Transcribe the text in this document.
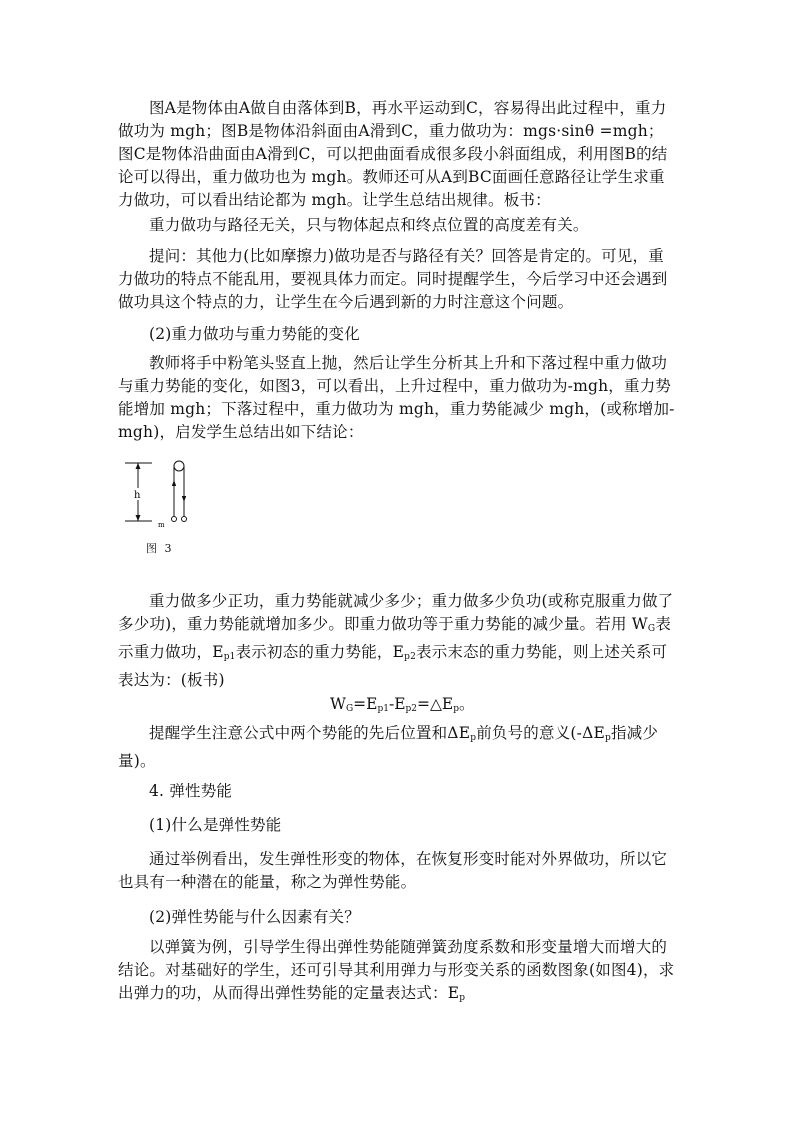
图A是物体由A做自由落体到B，再水平运动到C，容易得出此过程中，重力做功为 mgh；图B是物体沿斜面由A滑到C，重力做功为：mgs·sinθ =mgh；图C是物体沿曲面由A滑到C，可以把曲面看成很多段小斜面组成，利用图B的结论可以得出，重力做功也为 mgh。教师还可从A到BC面画任意路径让学生求重力做功，可以看出结论都为 mgh。让学生总结出规律。板书：

重力做功与路径无关，只与物体起点和终点位置的高度差有关。

提问：其他力(比如摩擦力)做功是否与路径有关？回答是肯定的。可见，重力做功的特点不能乱用，要视具体力而定。同时提醒学生，今后学习中还会遇到做功具这个特点的力，让学生在今后遇到新的力时注意这个问题。

(2)重力做功与重力势能的变化

教师将手中粉笔头竖直上抛，然后让学生分析其上升和下落过程中重力做功与重力势能的变化，如图3，可以看出，上升过程中，重力做功为-mgh，重力势能增加 mgh；下落过程中，重力做功为 mgh，重力势能减少 mgh，(或称增加-mgh)，启发学生总结出如下结论：

h
m
图 3

重力做多少正功，重力势能就减少多少；重力做多少负功(或称克服重力做了多少功)，重力势能就增加多少。即重力做功等于重力势能的减少量。若用 WG表示重力做功，Ep1表示初态的重力势能，Ep2表示末态的重力势能，则上述关系可表达为：(板书)

WG=Ep1-Ep2=△Ep。

提醒学生注意公式中两个势能的先后位置和ΔEp前负号的意义(-ΔEp指减少量)。

4. 弹性势能

(1)什么是弹性势能

通过举例看出，发生弹性形变的物体，在恢复形变时能对外界做功，所以它也具有一种潜在的能量，称之为弹性势能。

(2)弹性势能与什么因素有关？

以弹簧为例，引导学生得出弹性势能随弹簧劲度系数和形变量增大而增大的结论。对基础好的学生，还可引导其利用弹力与形变关系的函数图象(如图4)，求出弹力的功，从而得出弹性势能的定量表达式：Ep
